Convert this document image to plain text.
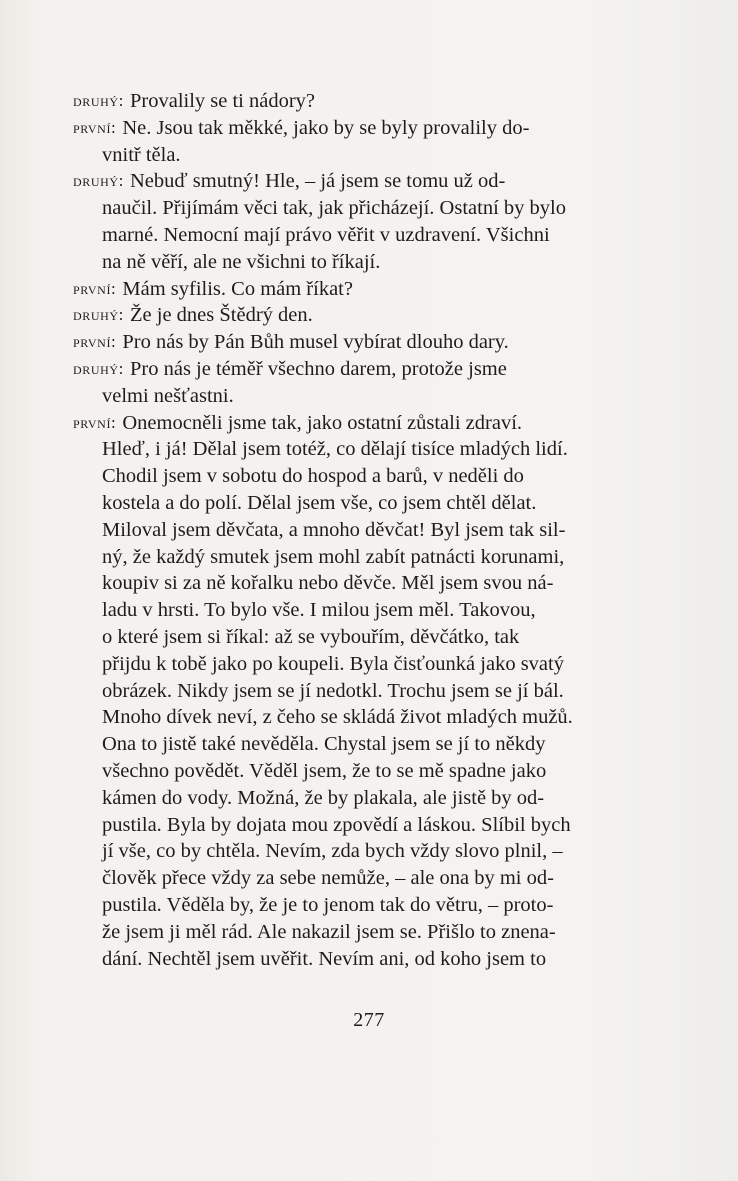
druhý: Provalily se ti nádory?
první: Ne. Jsou tak měkké, jako by se byly provalily do-
vnitř těla.
druhý: Nebuď smutný! Hle, – já jsem se tomu už od-
naučil. Přijímám věci tak, jak přicházejí. Ostatní by bylo
marné. Nemocní mají právo věřit v uzdravení. Všichni
na ně věří, ale ne všichni to říkají.
první: Mám syfilis. Co mám říkat?
druhý: Že je dnes Štědrý den.
první: Pro nás by Pán Bůh musel vybírat dlouho dary.
druhý: Pro nás je téměř všechno darem, protože jsme
velmi nešťastni.
první: Onemocněli jsme tak, jako ostatní zůstali zdraví.
Hleď, i já! Dělal jsem totéž, co dělají tisíce mladých lidí.
Chodil jsem v sobotu do hospod a barů, v neděli do
kostela a do polí. Dělal jsem vše, co jsem chtěl dělat.
Miloval jsem děvčata, a mnoho děvčat! Byl jsem tak sil-
ný, že každý smutek jsem mohl zabít patnácti korunami,
koupiv si za ně kořalku nebo děvče. Měl jsem svou ná-
ladu v hrsti. To bylo vše. I milou jsem měl. Takovou,
o které jsem si říkal: až se vybouřím, děvčátko, tak
přijdu k tobě jako po koupeli. Byla čisťounká jako svatý
obrázek. Nikdy jsem se jí nedotkl. Trochu jsem se jí bál.
Mnoho dívek neví, z čeho se skládá život mladých mužů.
Ona to jistě také nevěděla. Chystal jsem se jí to někdy
všechno povědět. Věděl jsem, že to se mě spadne jako
kámen do vody. Možná, že by plakala, ale jistě by od-
pustila. Byla by dojata mou zpovědí a láskou. Slíbil bych
jí vše, co by chtěla. Nevím, zda bych vždy slovo plnil, –
člověk přece vždy za sebe nemůže, – ale ona by mi od-
pustila. Věděla by, že je to jenom tak do větru, – proto-
že jsem ji měl rád. Ale nakazil jsem se. Přišlo to znena-
dání. Nechtěl jsem uvěřit. Nevím ani, od koho jsem to
277
